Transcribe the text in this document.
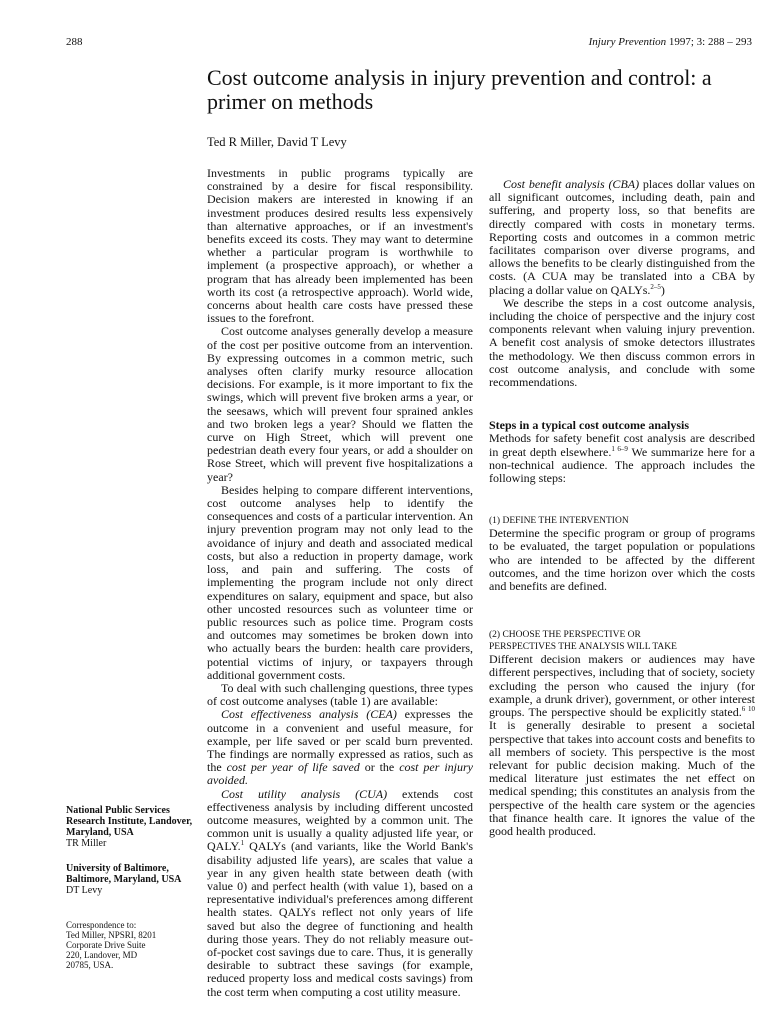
288	Injury Prevention 1997; 3: 288 – 293
Cost outcome analysis in injury prevention and control: a primer on methods
Ted R Miller, David T Levy
National Public Services Research Institute, Landover, Maryland, USA
TR Miller
University of Baltimore, Baltimore, Maryland, USA
DT Levy
Correspondence to:
Ted Miller, NPSRI, 8201
Corporate Drive Suite
220, Landover, MD
20785, USA.

Investments in public programs typically are constrained by a desire for fiscal responsibility. Decision makers are interested in knowing if an investment produces desired results less expensively than alternative approaches, or if an investment's benefits exceed its costs. They may want to determine whether a particular program is worthwhile to implement (a prospective approach), or whether a program that has already been implemented has been worth its cost (a retrospective approach). World wide, concerns about health care costs have pressed these issues to the forefront.

Cost outcome analyses generally develop a measure of the cost per positive outcome from an intervention. By expressing outcomes in a common metric, such analyses often clarify murky resource allocation decisions. For example, is it more important to fix the swings, which will prevent five broken arms a year, or the seesaws, which will prevent four sprained ankles and two broken legs a year? Should we flatten the curve on High Street, which will prevent one pedestrian death every four years, or add a shoulder on Rose Street, which will prevent five hospitalizations a year?

Besides helping to compare different interventions, cost outcome analyses help to identify the consequences and costs of a particular intervention. An injury prevention program may not only lead to the avoidance of injury and death and associated medical costs, but also a reduction in property damage, work loss, and pain and suffering. The costs of implementing the program include not only direct expenditures on salary, equipment and space, but also other uncosted resources such as volunteer time or public resources such as police time. Program costs and outcomes may sometimes be broken down into who actually bears the burden: health care providers, potential victims of injury, or taxpayers through additional government costs.

To deal with such challenging questions, three types of cost outcome analyses (table 1) are available:

Cost effectiveness analysis (CEA) expresses the outcome in a convenient and useful measure, for example, per life saved or per scald burn prevented. The findings are normally expressed as ratios, such as the cost per year of life saved or the cost per injury avoided.

Cost utility analysis (CUA) extends cost effectiveness analysis by including different uncosted outcome measures, weighted by a common unit. The common unit is usually a quality adjusted life year, or QALY.$^1$ QALYs (and variants, like the World Bank's disability adjusted life years), are scales that value a year in any given health state between death (with value 0) and perfect health (with value 1), based on a representative individual's preferences among different health states. QALYs reflect not only years of life saved but also the degree of functioning and health during those years. They do not reliably measure out-of-pocket cost savings due to care. Thus, it is generally desirable to subtract these savings (for example, reduced property loss and medical costs savings) from the cost term when computing a cost utility measure.

Cost benefit analysis (CBA) places dollar values on all significant outcomes, including death, pain and suffering, and property loss, so that benefits are directly compared with costs in monetary terms. Reporting costs and outcomes in a common metric facilitates comparison over diverse programs, and allows the benefits to be clearly distinguished from the costs. (A CUA may be translated into a CBA by placing a dollar value on QALYs.$^{2-5}$)

We describe the steps in a cost outcome analysis, including the choice of perspective and the injury cost components relevant when valuing injury prevention. A benefit cost analysis of smoke detectors illustrates the methodology. We then discuss common errors in cost outcome analysis, and conclude with some recommendations.

Steps in a typical cost outcome analysis

Methods for safety benefit cost analysis are described in great depth elsewhere.$^{1 6-9}$ We summarize here for a non-technical audience. The approach includes the following steps:

(1) DEFINE THE INTERVENTION

Determine the specific program or group of programs to be evaluated, the target population or populations who are intended to be affected by the different outcomes, and the time horizon over which the costs and benefits are defined.

(2) CHOOSE THE PERSPECTIVE OR
PERSPECTIVES THE ANALYSIS WILL TAKE

Different decision makers or audiences may have different perspectives, including that of society, society excluding the person who caused the injury (for example, a drunk driver), government, or other interest groups. The perspective should be explicitly stated.$^{6 10}$ It is generally desirable to present a societal perspective that takes into account costs and benefits to all members of society. This perspective is the most relevant for public decision making. Much of the medical literature just estimates the net effect on medical spending; this constitutes an analysis from the perspective of the health care system or the agencies that finance health care. It ignores the value of the good health produced.
